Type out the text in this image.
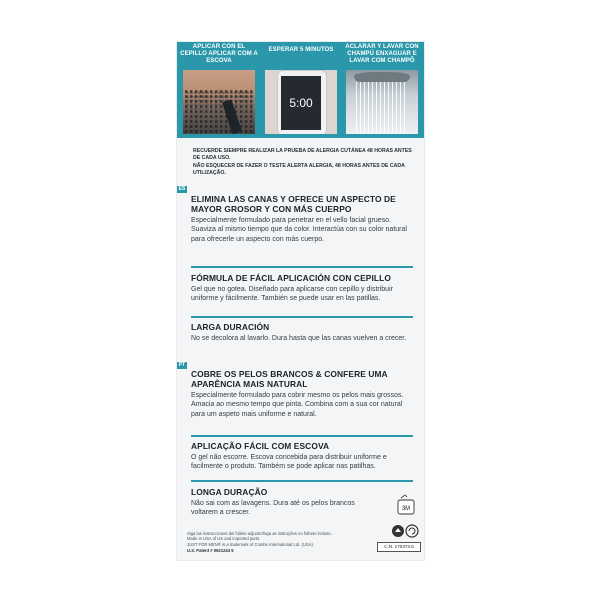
APLICAR CON EL CEPILLO APLICAR COM A ESCOVA
ESPERAR 5 MINUTOS
5:00
ACLARAR Y LAVAR CON CHAMPÚ ENXAGUAR E LAVAR COM CHAMPÔ
RECUERDE SIEMPRE REALIZAR LA PRUEBA DE ALERGIA CUTÁNEA 48 HORAS ANTES DE CADA USO.
NÃO ESQUECER DE FAZER O TESTE ALERTA ALERGIA, 48 HORAS ANTES DE CADA UTILIZAÇÃO.
ES
ELIMINA LAS CANAS Y OFRECE UN ASPECTO DE MAYOR GROSOR Y CON MÁS CUERPO

Especialmente formulado para penetrar en el vello facial grueso. Suaviza al mismo tiempo que da color. Interactúa con su color natural para ofrecerle un aspecto con más cuerpo.

FÓRMULA DE FÁCIL APLICACIÓN CON CEPILLO

Gel que no gotea. Diseñado para aplicarse con cepillo y distribuir uniforme y fácilmente. También se puede usar en las patillas.

LARGA DURACIÓN

No se decolora al lavarlo. Dura hasta que las canas vuelven a crecer.

PT
COBRE OS PELOS BRANCOS & CONFERE UMA APARÊNCIA MAIS NATURAL

Especialmente formulado para cobrir mesmo os pelos mais grossos. Amacia ao mesmo tempo que pinta. Combina com a sua cor natural para um aspeto mais uniforme e natural.

APLICAÇÃO FÁCIL COM ESCOVA

O gel não escorre. Escova concebida para distribuir uniforme e facilmente o produto. Também se pode aplicar nas patilhas.

LONGA DURAÇÃO

Não sai com as lavagens. Dura até os pelos brancos voltarem a crescer.

Siga las instrucciones del folleto adjunto/Siga as instruções no folheto incluso.
Made in USA of US and imported parts.
JUST FOR MEN® is a trademark of Combe International Ltd. (USA).
U.S. Patent # 0621243 5
3M
C.N. 170373.6
